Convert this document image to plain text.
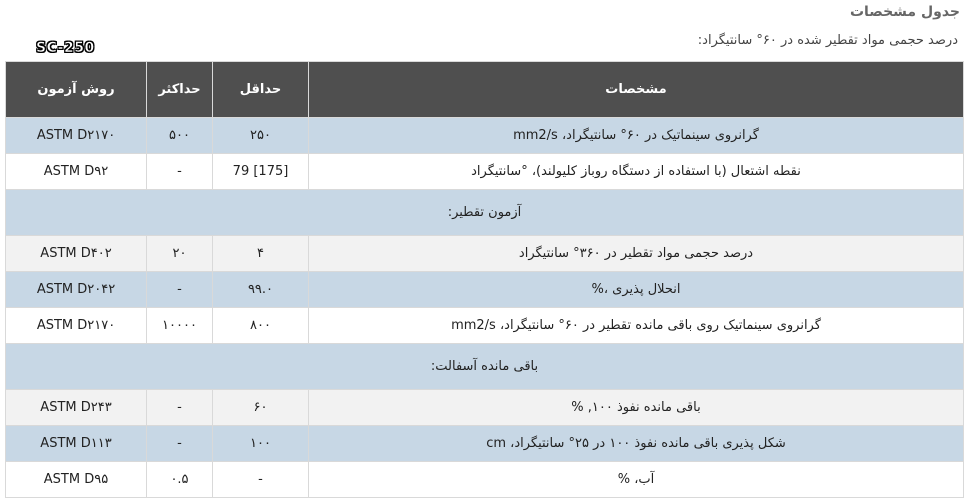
جدول مشخصات
درصد حجمی مواد تقطیر شده در ۶۰° سانتیگراد:
SC-250
روش آزمون	حداکثر	حداقل	مشخصات
ASTM D۲۱۷۰	۵۰۰	۲۵۰	گرانروی سینماتیک در ۶۰° سانتیگراد، mm2/s
ASTM D۹۲	-	79 [175]	نقطه اشتعال (با استفاده از دستگاه روباز کلیولند)، °سانتیگراد
آزمون تقطیر:			
ASTM D۴۰۲	۲۰	۴	درصد حجمی مواد تقطیر در ۳۶۰° سانتیگراد
ASTM D۲۰۴۲	-	۹۹.۰	انحلال پذیری ،%
ASTM D۲۱۷۰	۱۰۰۰۰	۸۰۰	گرانروی سینماتیک روی باقی مانده تقطیر در ۶۰° سانتیگراد، mm2/s
باقی مانده آسفالت:			
ASTM D۲۴۳	-	۶۰	باقی مانده نفوذ ۱۰۰, %
ASTM D۱۱۳	-	۱۰۰	شکل پذیری باقی مانده نفوذ ۱۰۰ در ۲۵° سانتیگراد، cm
ASTM D۹۵	۰.۵	-	آب، %
